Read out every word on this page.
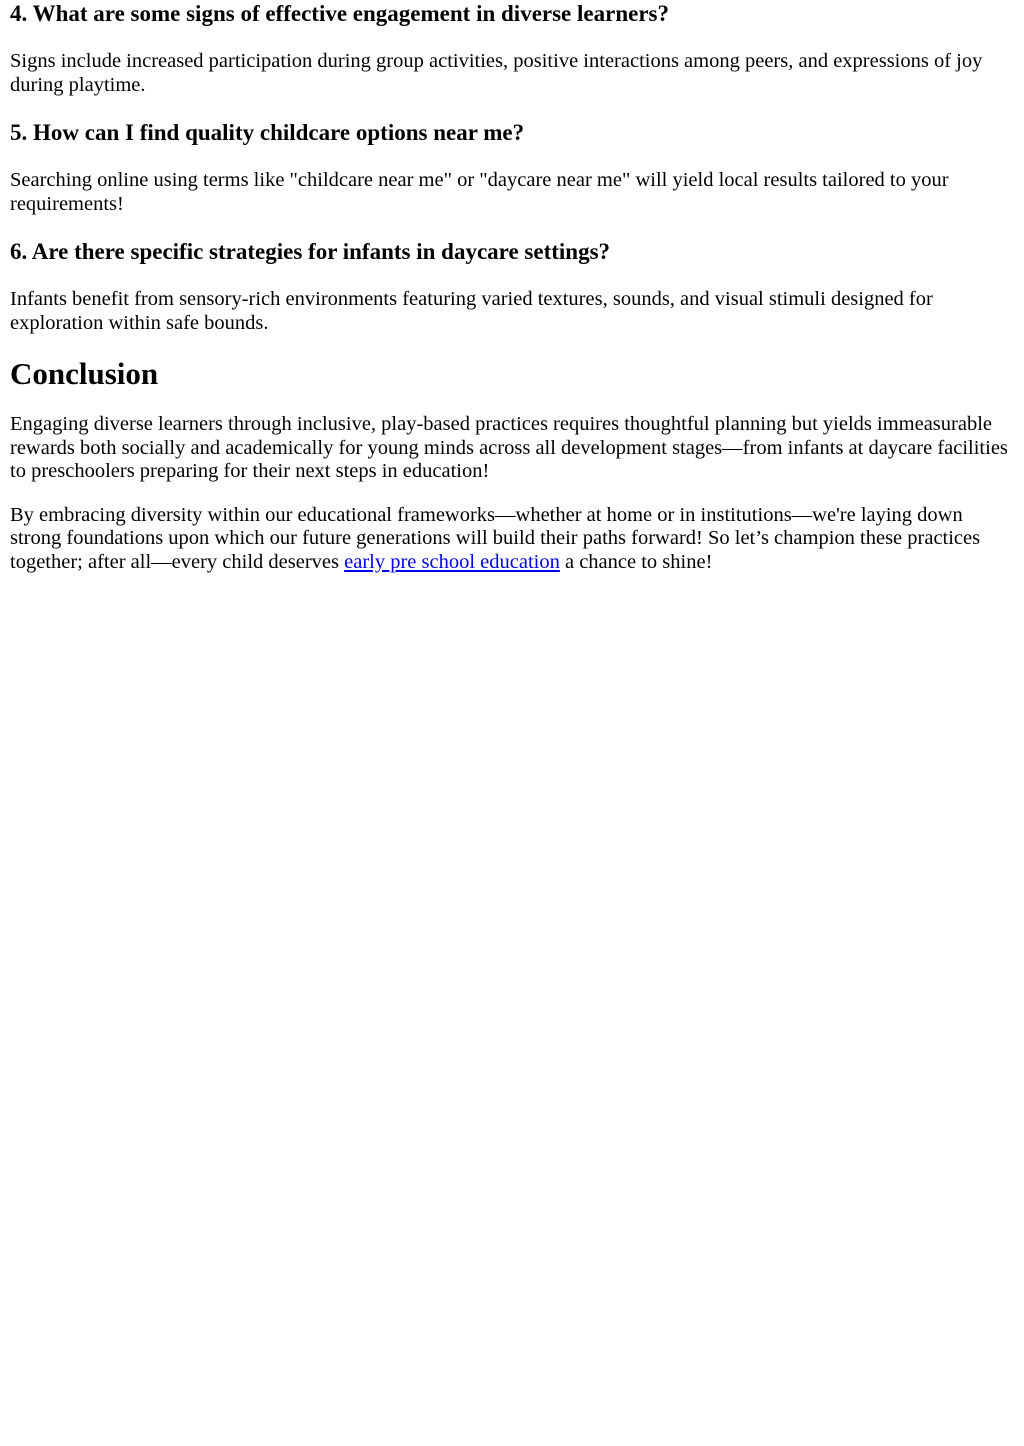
4. What are some signs of effective engagement in diverse learners?

Signs include increased participation during group activities, positive interactions among peers, and expressions of joy during playtime.

5. How can I find quality childcare options near me?

Searching online using terms like "childcare near me" or "daycare near me" will yield local results tailored to your requirements!

6. Are there specific strategies for infants in daycare settings?

Infants benefit from sensory-rich environments featuring varied textures, sounds, and visual stimuli designed for exploration within safe bounds.

Conclusion

Engaging diverse learners through inclusive, play-based practices requires thoughtful planning but yields immeasurable rewards both socially and academically for young minds across all development stages—from infants at daycare facilities to preschoolers preparing for their next steps in education!

By embracing diversity within our educational frameworks—whether at home or in institutions—we're laying down strong foundations upon which our future generations will build their paths forward! So let’s champion these practices together; after all—every child deserves early pre school education a chance to shine!
